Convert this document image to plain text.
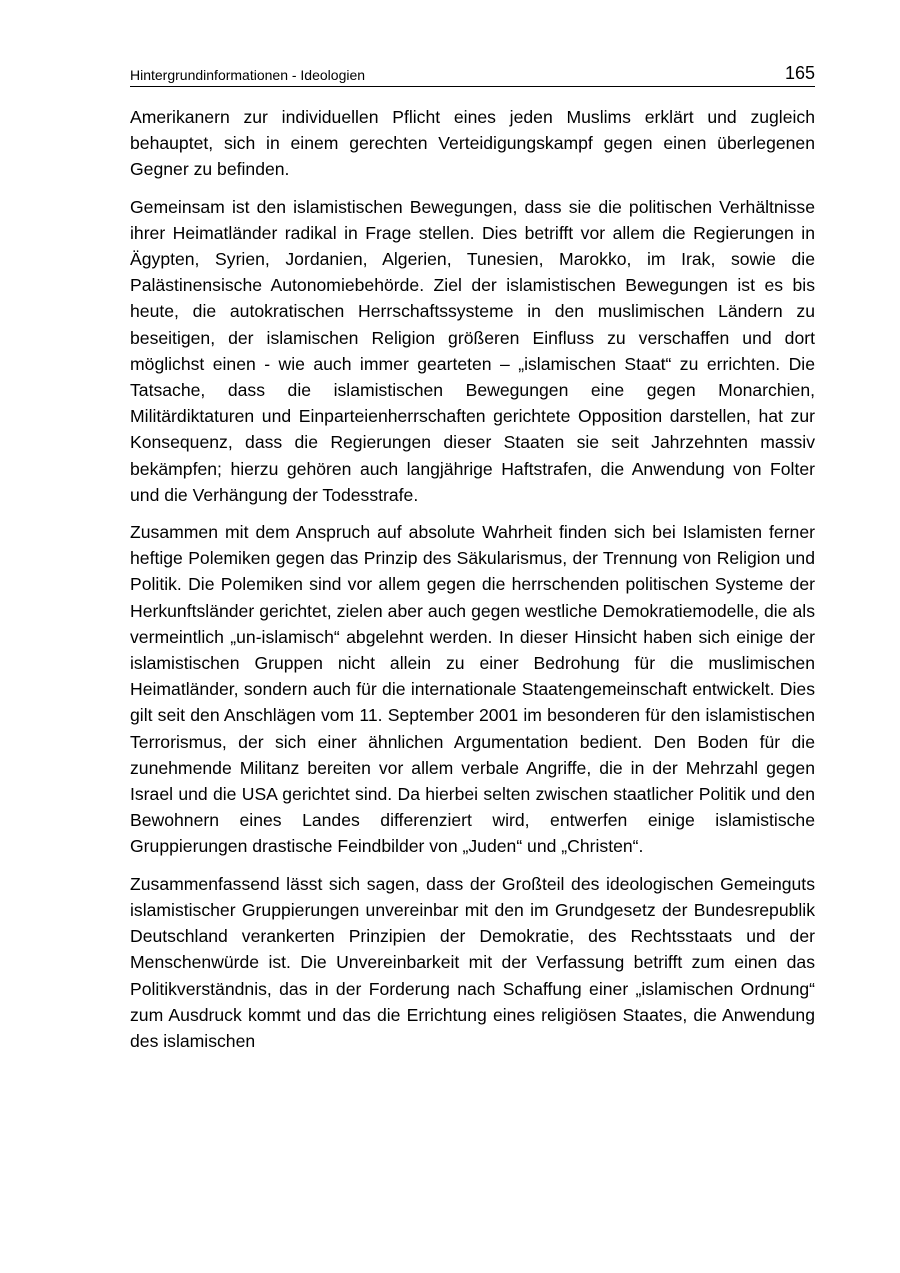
Hintergrundinformationen - Ideologien	165

Amerikanern zur individuellen Pflicht eines jeden Muslims erklärt und zugleich behauptet, sich in einem gerechten Verteidigungskampf gegen einen überlegenen Gegner zu befinden.

Gemeinsam ist den islamistischen Bewegungen, dass sie die politischen Verhältnisse ihrer Heimatländer radikal in Frage stellen. Dies betrifft vor allem die Regierungen in Ägypten, Syrien, Jordanien, Algerien, Tunesien, Marokko, im Irak, sowie die Palästinensische Autonomiebehörde. Ziel der islamistischen Bewegungen ist es bis heute, die autokratischen Herrschaftssysteme in den muslimischen Ländern zu beseitigen, der islamischen Religion größeren Einfluss zu verschaffen und dort möglichst einen - wie auch immer gearteten – „islamischen Staat“ zu errichten. Die Tatsache, dass die islamistischen Bewegungen eine gegen Monarchien, Militärdiktaturen und Einparteienherrschaften gerichtete Opposition darstellen, hat zur Konsequenz, dass die Regierungen dieser Staaten sie seit Jahrzehnten massiv bekämpfen; hierzu gehören auch langjährige Haftstrafen, die Anwendung von Folter und die Verhängung der Todesstrafe.

Zusammen mit dem Anspruch auf absolute Wahrheit finden sich bei Islamisten ferner heftige Polemiken gegen das Prinzip des Säkularismus, der Trennung von Religion und Politik. Die Polemiken sind vor allem gegen die herrschenden politischen Systeme der Herkunftsländer gerichtet, zielen aber auch gegen westliche Demokratiemodelle, die als vermeintlich „un-islamisch“ abgelehnt werden. In dieser Hinsicht haben sich einige der islamistischen Gruppen nicht allein zu einer Bedrohung für die muslimischen Heimatländer, sondern auch für die internationale Staatengemeinschaft entwickelt. Dies gilt seit den Anschlägen vom 11. September 2001 im besonderen für den islamistischen Terrorismus, der sich einer ähnlichen Argumentation bedient. Den Boden für die zunehmende Militanz bereiten vor allem verbale Angriffe, die in der Mehrzahl gegen Israel und die USA gerichtet sind. Da hierbei selten zwischen staatlicher Politik und den Bewohnern eines Landes differenziert wird, entwerfen einige islamistische Gruppierungen drastische Feindbilder von „Juden“ und „Christen“.

Zusammenfassend lässt sich sagen, dass der Großteil des ideologischen Gemeinguts islamistischer Gruppierungen unvereinbar mit den im Grundgesetz der Bundesrepublik Deutschland verankerten Prinzipien der Demokratie, des Rechtsstaats und der Menschenwürde ist. Die Unvereinbarkeit mit der Verfassung betrifft zum einen das Politikverständnis, das in der Forderung nach Schaffung einer „islamischen Ordnung“ zum Ausdruck kommt und das die Errichtung eines religiösen Staates, die Anwendung des islamischen
